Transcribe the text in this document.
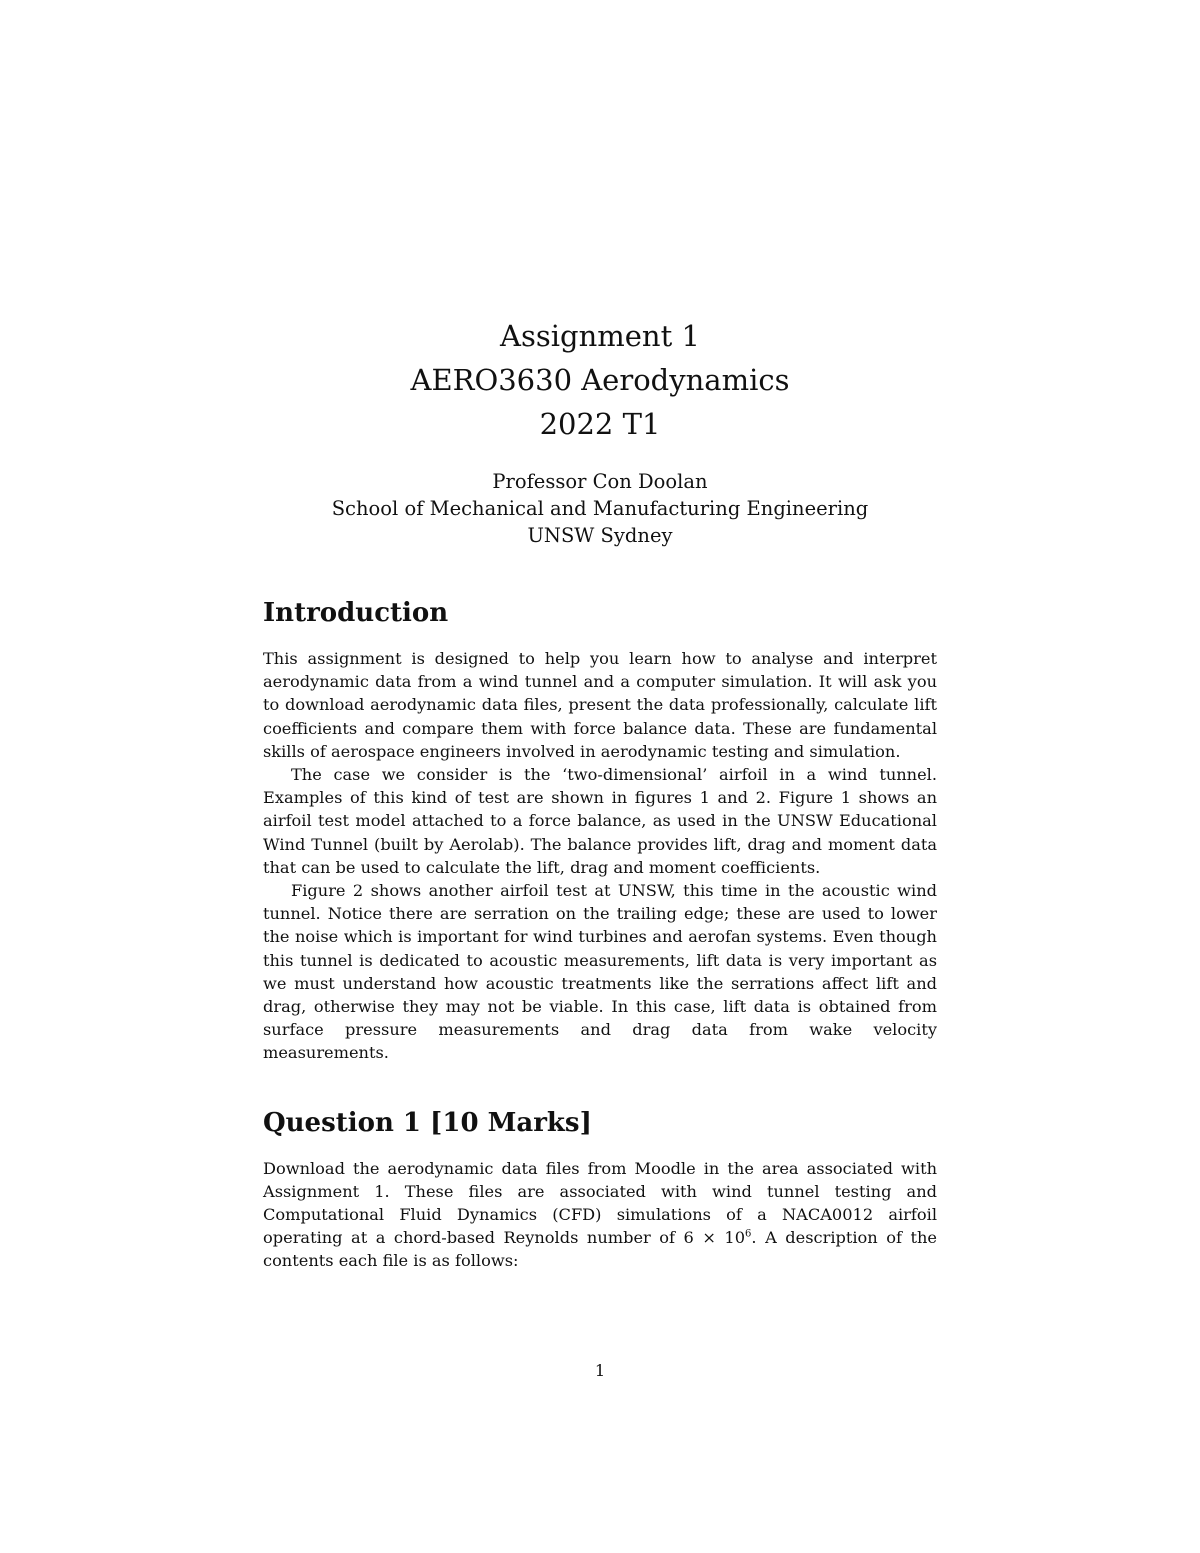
Assignment 1

AERO3630 Aerodynamics

2022 T1

Professor Con Doolan

School of Mechanical and Manufacturing Engineering

UNSW Sydney

Introduction

This assignment is designed to help you learn how to analyse and interpret aerodynamic data from a wind tunnel and a computer simulation. It will ask you to download aerodynamic data files, present the data professionally, calculate lift coefficients and compare them with force balance data. These are fundamental skills of aerospace engineers involved in aerodynamic testing and simulation.

The case we consider is the ‘two-dimensional’ airfoil in a wind tunnel. Examples of this kind of test are shown in figures 1 and 2. Figure 1 shows an airfoil test model attached to a force balance, as used in the UNSW Educational Wind Tunnel (built by Aerolab). The balance provides lift, drag and moment data that can be used to calculate the lift, drag and moment coefficients.

Figure 2 shows another airfoil test at UNSW, this time in the acoustic wind tunnel. Notice there are serration on the trailing edge; these are used to lower the noise which is important for wind turbines and aerofan systems. Even though this tunnel is dedicated to acoustic measurements, lift data is very important as we must understand how acoustic treatments like the serrations affect lift and drag, otherwise they may not be viable. In this case, lift data is obtained from surface pressure measurements and drag data from wake velocity measurements.

Question 1 [10 Marks]

Download the aerodynamic data files from Moodle in the area associated with Assignment 1. These files are associated with wind tunnel testing and Computational Fluid Dynamics (CFD) simulations of a NACA0012 airfoil operating at a chord-based Reynolds number of $6 \times 10^6$. A description of the contents each file is as follows:

1
